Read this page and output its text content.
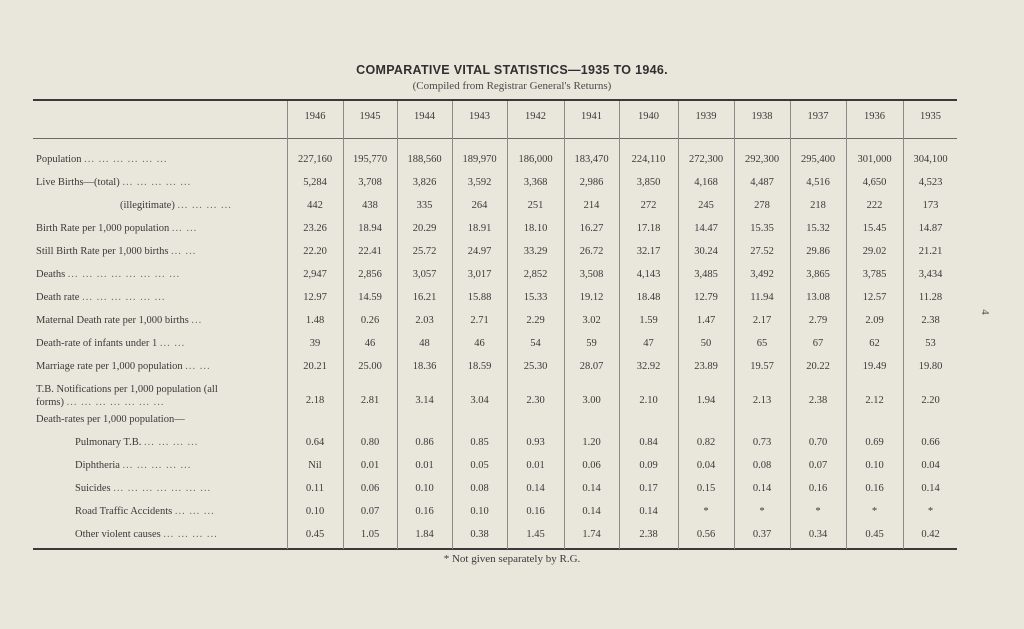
COMPARATIVE VITAL STATISTICS—1935 TO 1946.
(Compiled from Registrar General's Returns)
1946	1945	1944	1943	1942	1941	1940	1939	1938	1937	1936	1935
Population ... ... ... ... ... ...	227,160	195,770	188,560	189,970	186,000	183,470	224,110	272,300	292,300	295,400	301,000	304,100
Live Births—(total) ... ... ... ... ...	5,284	3,708	3,826	3,592	3,368	2,986	3,850	4,168	4,487	4,516	4,650	4,523
(illegitimate) ... ... ... ...	442	438	335	264	251	214	272	245	278	218	222	173
Birth Rate per 1,000 population ... ...	23.26	18.94	20.29	18.91	18.10	16.27	17.18	14.47	15.35	15.32	15.45	14.87
Still Birth Rate per 1,000 births ... ...	22.20	22.41	25.72	24.97	33.29	26.72	32.17	30.24	27.52	29.86	29.02	21.21
Deaths ... ... ... ... ... ... ... ...	2,947	2,856	3,057	3,017	2,852	3,508	4,143	3,485	3,492	3,865	3,785	3,434
Death rate ... ... ... ... ... ...	12.97	14.59	16.21	15.88	15.33	19.12	18.48	12.79	11.94	13.08	12.57	11.28
Maternal Death rate per 1,000 births ...	1.48	0.26	2.03	2.71	2.29	3.02	1.59	1.47	2.17	2.79	2.09	2.38
Death-rate of infants under 1 ... ...	39	46	48	46	54	59	47	50	65	67	62	53
Marriage rate per 1,000 population ... ...	20.21	25.00	18.36	18.59	25.30	28.07	32.92	23.89	19.57	20.22	19.49	19.80
T.B. Notifications per 1,000 population (all
forms) ... ... ... ... ... ... ...	2.18	2.81	3.14	3.04	2.30	3.00	2.10	1.94	2.13	2.38	2.12	2.20
Death-rates per 1,000 population—
Pulmonary T.B. ... ... ... ...	0.64	0.80	0.86	0.85	0.93	1.20	0.84	0.82	0.73	0.70	0.69	0.66
Diphtheria ... ... ... ... ...	Nil	0.01	0.01	0.05	0.01	0.06	0.09	0.04	0.08	0.07	0.10	0.04
Suicides ... ... ... ... ... ... ...	0.11	0.06	0.10	0.08	0.14	0.14	0.17	0.15	0.14	0.16	0.16	0.14
Road Traffic Accidents ... ... ...	0.10	0.07	0.16	0.10	0.16	0.14	0.14	*	*	*	*	*
Other violent causes ... ... ... ...	0.45	1.05	1.84	0.38	1.45	1.74	2.38	0.56	0.37	0.34	0.45	0.42
* Not given separately by R.G.
4
